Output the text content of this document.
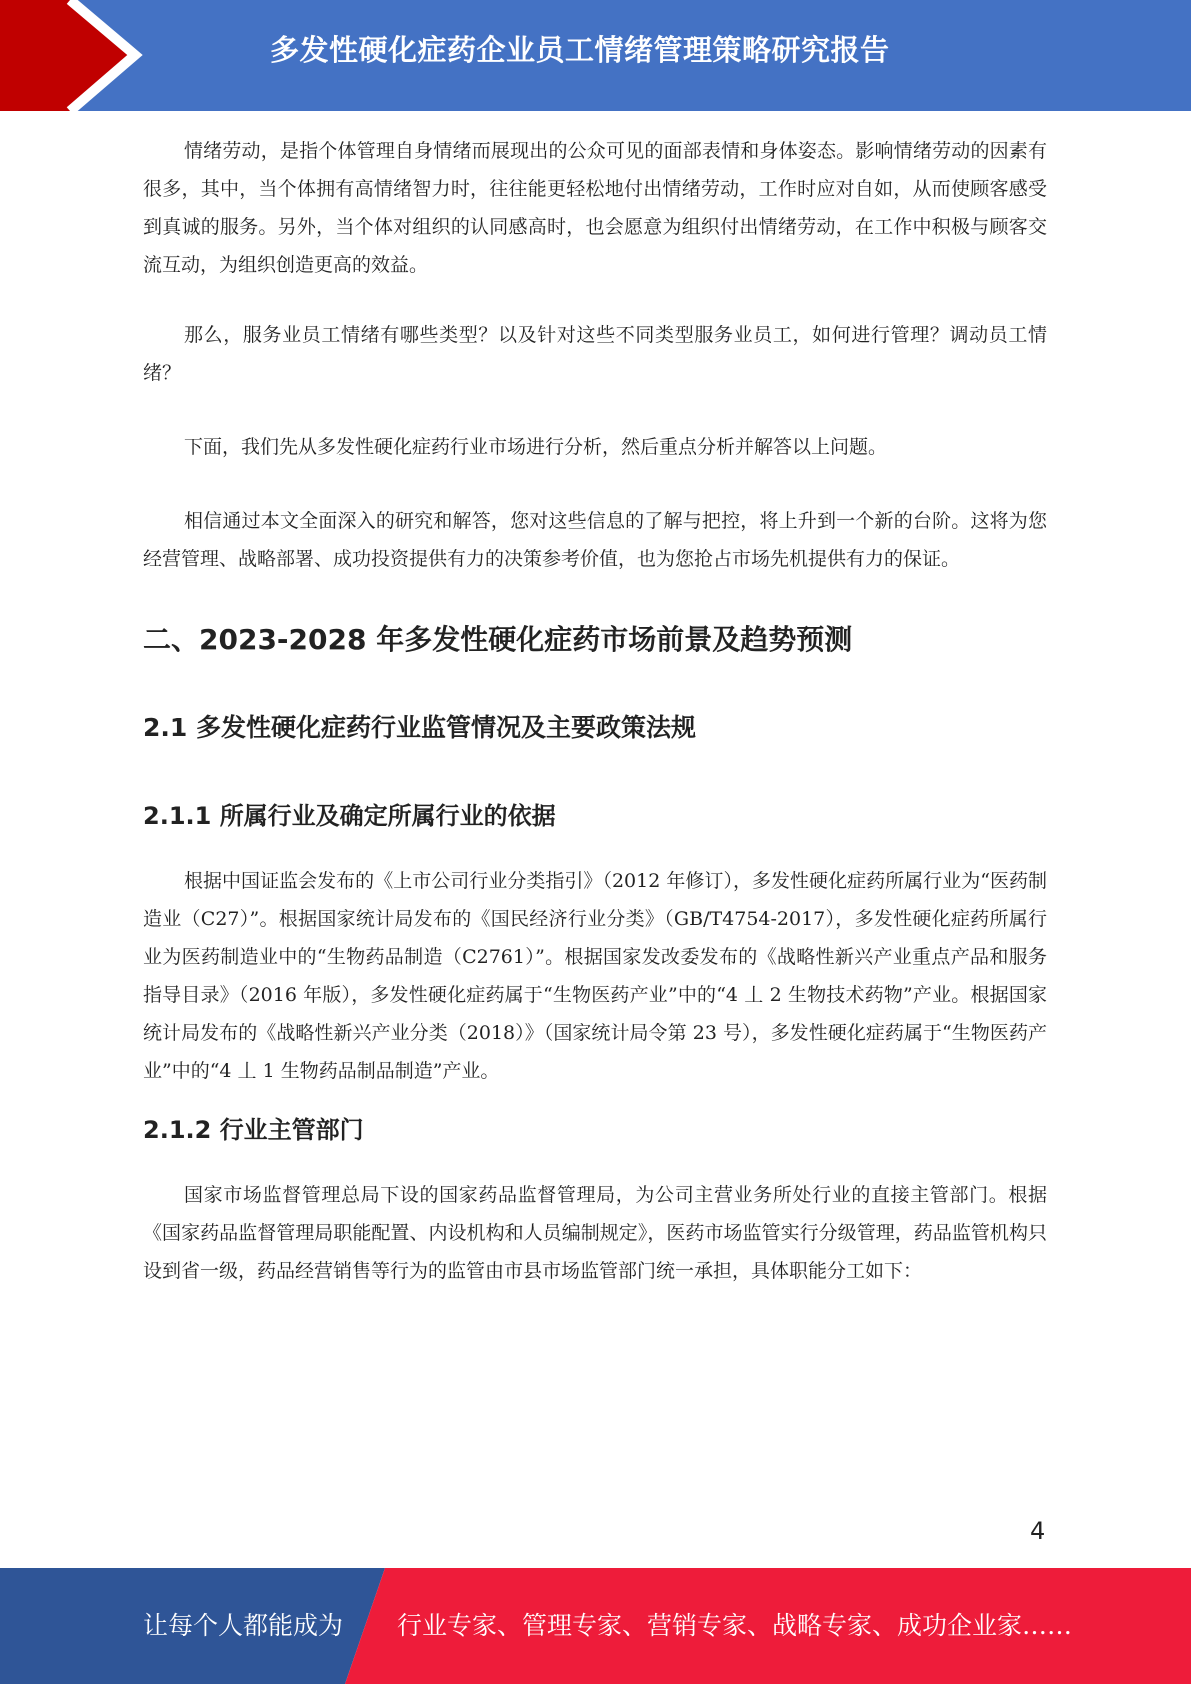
多发性硬化症药企业员工情绪管理策略研究报告

情绪劳动，是指个体管理自身情绪而展现出的公众可见的面部表情和身体姿态。影响情绪劳动的因素有很多，其中，当个体拥有高情绪智力时，往往能更轻松地付出情绪劳动，工作时应对自如，从而使顾客感受到真诚的服务。另外，当个体对组织的认同感高时，也会愿意为组织付出情绪劳动，在工作中积极与顾客交流互动，为组织创造更高的效益。

那么，服务业员工情绪有哪些类型？以及针对这些不同类型服务业员工，如何进行管理？调动员工情绪？

下面，我们先从多发性硬化症药行业市场进行分析，然后重点分析并解答以上问题。

相信通过本文全面深入的研究和解答，您对这些信息的了解与把控，将上升到一个新的台阶。这将为您经营管理、战略部署、成功投资提供有力的决策参考价值，也为您抢占市场先机提供有力的保证。

二、2023-2028 年多发性硬化症药市场前景及趋势预测
2.1 多发性硬化症药行业监管情况及主要政策法规
2.1.1 所属行业及确定所属行业的依据

根据中国证监会发布的《上市公司行业分类指引》（2012 年修订），多发性硬化症药所属行业为“医药制造业（C27）”。根据国家统计局发布的《国民经济行业分类》（GB/T4754-2017），多发性硬化症药所属行业为医药制造业中的“生物药品制造（C2761）”。根据国家发改委发布的《战略性新兴产业重点产品和服务指导目录》（2016 年版），多发性硬化症药属于“生物医药产业”中的“4 丄 2 生物技术药物”产业。根据国家统计局发布的《战略性新兴产业分类（2018）》（国家统计局令第 23 号），多发性硬化症药属于“生物医药产业”中的“4 丄 1 生物药品制品制造”产业。

2.1.2 行业主管部门

国家市场监督管理总局下设的国家药品监督管理局，为公司主营业务所处行业的直接主管部门。根据《国家药品监督管理局职能配置、内设机构和人员编制规定》，医药市场监管实行分级管理，药品监管机构只设到省一级，药品经营销售等行为的监管由市县市场监管部门统一承担，具体职能分工如下：

4
让每个人都能成为 行业专家、管理专家、营销专家、战略专家、成功企业家……
